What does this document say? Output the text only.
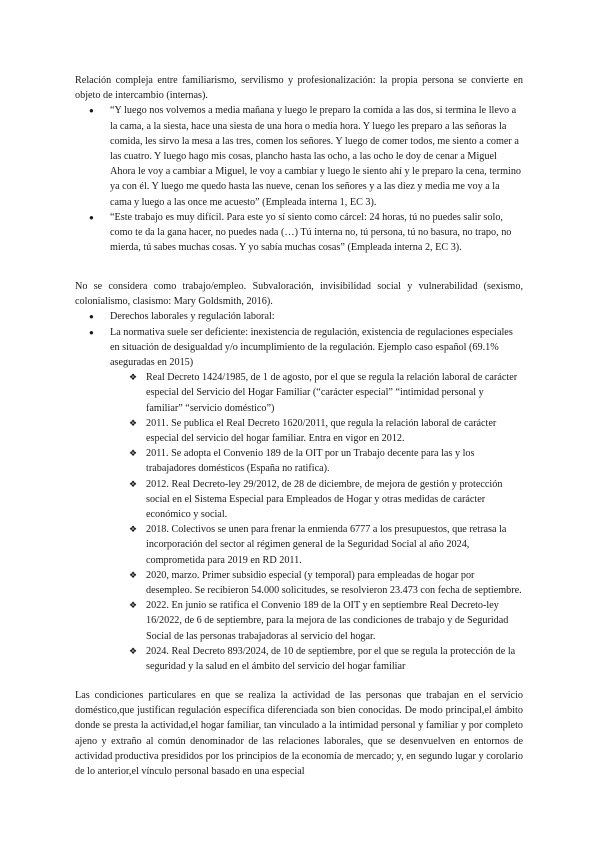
Relación compleja entre familiarismo, servilismo y profesionalización: la propia persona se convierte en objeto de intercambio (internas).

● “Y luego nos volvemos a media mañana y luego le preparo la comida a las dos, si termina le llevo a la cama, a la siesta, hace una siesta de una hora o media hora. Y luego les preparo a las señoras la comida, les sirvo la mesa a las tres, comen los señores. Y luego de comer todos, me siento a comer a las cuatro. Y luego hago mis cosas, plancho hasta las ocho, a las ocho le doy de cenar a Miguel Ahora le voy a cambiar a Miguel, le voy a cambiar y luego le siento ahí y le preparo la cena, termino ya con él. Y luego me quedo hasta las nueve, cenan los señores y a las diez y media me voy a la cama y luego a las once me acuesto” (Empleada interna 1, EC 3).
● “Este trabajo es muy difícil. Para este yo sí siento como cárcel: 24 horas, tú no puedes salir solo, como te da la gana hacer, no puedes nada (…) Tú interna no, tú persona, tú no basura, no trapo, no mierda, tú sabes muchas cosas. Y yo sabía muchas cosas” (Empleada interna 2, EC 3).

No se considera como trabajo/empleo. Subvaloración, invisibilidad social y vulnerabilidad (sexismo, colonialismo, clasismo: Mary Goldsmith, 2016).

● Derechos laborales y regulación laboral:
● La normativa suele ser deficiente: inexistencia de regulación, existencia de regulaciones especiales en situación de desigualdad y/o incumplimiento de la regulación. Ejemplo caso español (69.1% aseguradas en 2015)
❖ Real Decreto 1424/1985, de 1 de agosto, por el que se regula la relación laboral de carácter especial del Servicio del Hogar Familiar (“carácter especial” “intimidad personal y familiar” “servicio doméstico”)
❖ 2011. Se publica el Real Decreto 1620/2011, que regula la relación laboral de carácter especial del servicio del hogar familiar. Entra en vigor en 2012.
❖ 2011. Se adopta el Convenio 189 de la OIT por un Trabajo decente para las y los trabajadores domésticos (España no ratifica).
❖ 2012. Real Decreto-ley 29/2012, de 28 de diciembre, de mejora de gestión y protección social en el Sistema Especial para Empleados de Hogar y otras medidas de carácter económico y social.
❖ 2018. Colectivos se unen para frenar la enmienda 6777 a los presupuestos, que retrasa la incorporación del sector al régimen general de la Seguridad Social al año 2024, comprometida para 2019 en RD 2011.
❖ 2020, marzo. Primer subsidio especial (y temporal) para empleadas de hogar por desempleo. Se recibieron 54.000 solicitudes, se resolvieron 23.473 con fecha de septiembre.
❖ 2022. En junio se ratifica el Convenio 189 de la OIT y en septiembre Real Decreto-ley 16/2022, de 6 de septiembre, para la mejora de las condiciones de trabajo y de Seguridad Social de las personas trabajadoras al servicio del hogar.
❖ 2024. Real Decreto 893/2024, de 10 de septiembre, por el que se regula la protección de la seguridad y la salud en el ámbito del servicio del hogar familiar

Las condiciones particulares en que se realiza la actividad de las personas que trabajan en el servicio doméstico,que justifican regulación específica diferenciada son bien conocidas. De modo principal,el ámbito donde se presta la actividad,el hogar familiar, tan vinculado a la intimidad personal y familiar y por completo ajeno y extraño al común denominador de las relaciones laborales, que se desenvuelven en entornos de actividad productiva presididos por los principios de la economía de mercado; y, en segundo lugar y corolario de lo anterior,el vínculo personal basado en una especial
